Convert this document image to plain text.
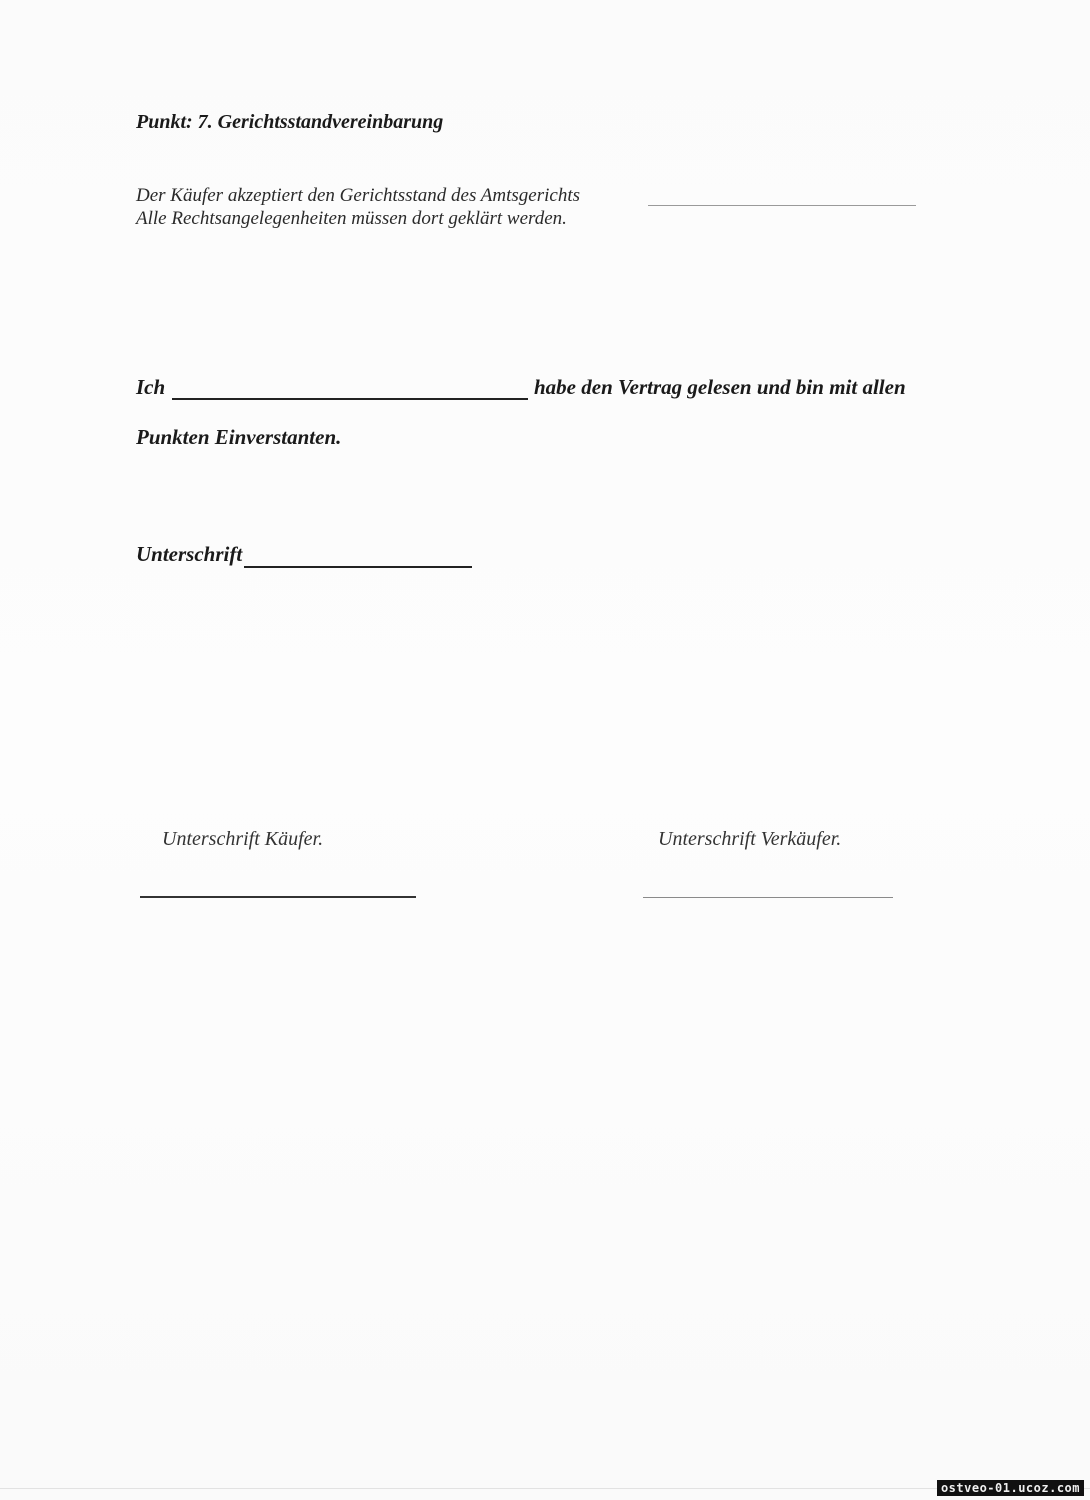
Punkt: 7. Gerichtsstandvereinbarung
Der Käufer akzeptiert den Gerichtsstand des Amtsgerichts
Alle Rechtsangelegenheiten müssen dort geklärt werden.
Ich	habe den Vertrag gelesen und bin mit allen
Punkten Einverstanten.
Unterschrift
Unterschrift Käufer.	Unterschrift Verkäufer.
ostveo-01.ucoz.com
